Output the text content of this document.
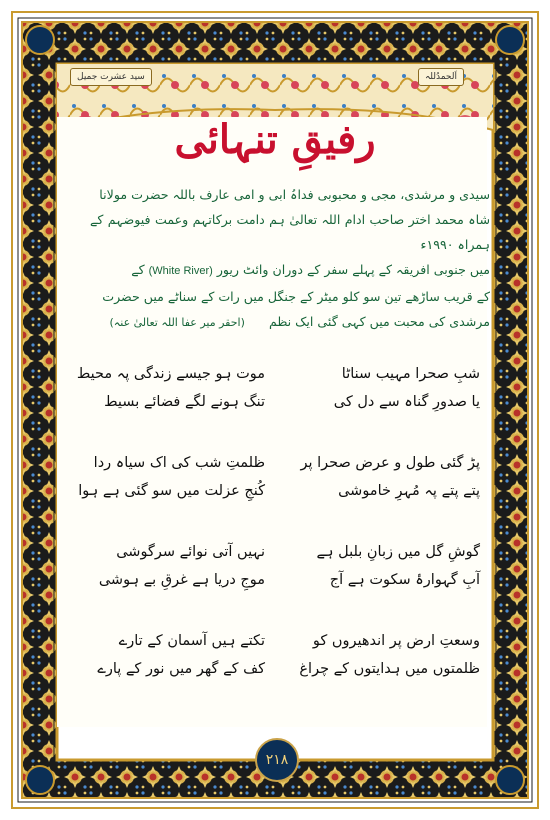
سید عشرت جمیل	اَلحمدُللہ
رفیقِ تنہائی
سیدی و مرشدی، مجی و محبوبی فداہُ ابی و امی عارف باللہ حضرت مولانا
شاہ محمد اختر صاحب ادام اللہ تعالیٰ ہم دامت برکاتہم وعمت فیوضہم کے ہمراہ ۱۹۹۰ء
میں جنوبی افریقہ کے پہلے سفر کے دوران وائٹ ریور (White River) کے
کے قریب ساڑھے تین سو کلو میٹر کے جنگل میں رات کے سناٹے میں حضرت
مرشدی کی محبت میں کہی گئی ایک نظم      (احقر میر عفا اللہ تعالیٰ عنہ)
شبِ صحرا مہیب سناٹا
یا صدورِ گناہ سے دل کی
موت ہو جیسے زندگی پہ محیط
تنگ ہونے لگے فضائے بسیط
پڑ گئی طول و عرض صحرا پر
پتے پتے پہ مُہرِ خاموشی
ظلمتِ شب کی اک سیاہ ردا
کُنجِ عزلت میں سو گئی ہے ہوا
گوشِ گل میں زبانِ بلبل ہے
آبِ گہوارۂ سکوت ہے آج
نہیں آتی نوائے سرگوشی
موجِ دریا ہے غرقِ بے ہوشی
وسعتِ ارض پر اندھیروں کو
ظلمتوں میں ہدایتوں کے چراغ
تکتے ہیں آسمان کے تارے
کف کے گھر میں نور کے پارے
۲۱۸
